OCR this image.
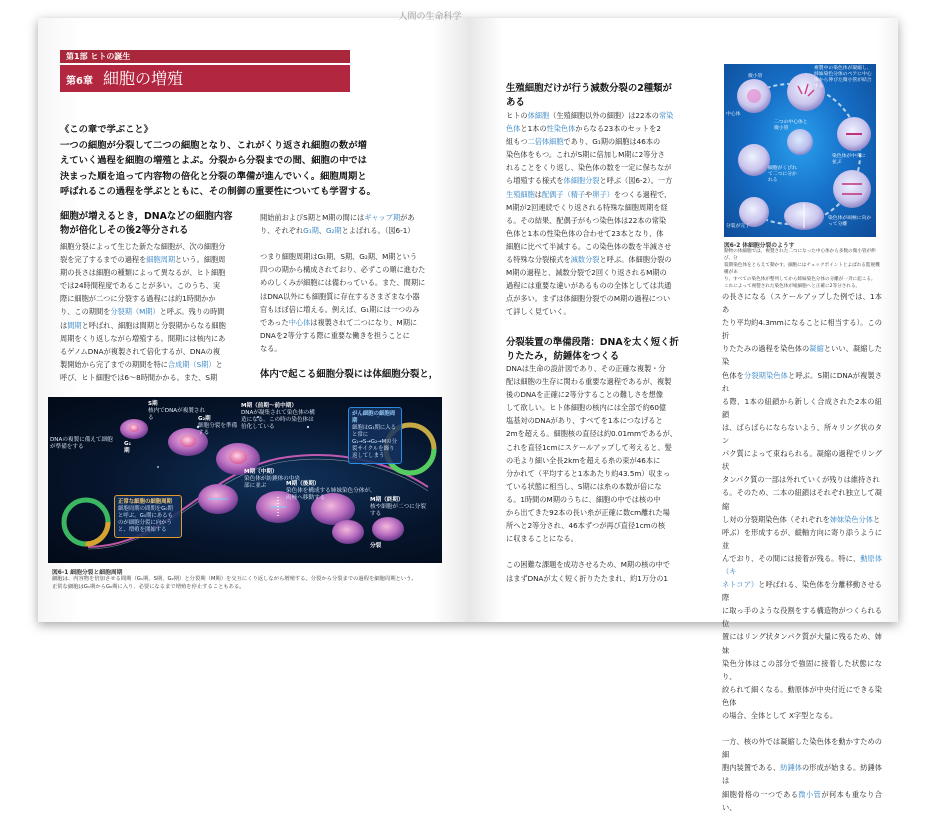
人間の生命科学
第1部 ヒトの誕生
第6章 細胞の増殖
《この章で学ぶこと》
一つの細胞が分裂して二つの細胞となり、これがくり返され細胞の数が増
えていく過程を細胞の増殖とよぶ。分裂から分裂までの間、細胞の中では
決まった順を追って内容物の倍化と分裂の準備が進んでいく。細胞周期と
呼ばれるこの過程を学ぶとともに、その制御の重要性についても学習する。
細胞が増えるとき，DNAなどの細胞内容
物が倍化しその後2等分される
細胞分裂によって生じた新たな細胞が、次の細胞分
裂を完了するまでの過程を細胞周期という。細胞周
期の長さは細胞の種類によって異なるが、ヒト細胞
では24時間程度であることが多い。このうち、実
際に細胞が二つに分裂する過程には約1時間かか
り、この期間を分裂期（M期）と呼ぶ。残りの時間
は間期と呼ばれ、細胞は間期と分裂期からなる細胞
周期をくり返しながら増殖する。間期には核内にあ
るゲノムDNAが複製されて倍化するが、DNAの複
製開始から完了までの期間を特に合成期（S期）と
呼び、ヒト細胞では6〜8時間かかる。また、S期
開始前およびS期とM期の間にはギャップ期があ
り、それぞれG₁期、G₂期とよばれる。（図6-1）

つまり細胞周期はG₁期、S期、G₂期、M期という
四つの期から構成されており、必ずこの順に進むた
めのしくみが細胞には備わっている。また、間期に
はDNA以外にも細胞質に存在するさまざまな小器
官もほぼ倍に増える。例えば、G₁期には一つのみ
であった中心体は複製されて二つになり、M期に
DNAを2等分する際に重要な働きを担うことに
なる。
体内で起こる細胞分裂には体細胞分裂と，
S期
核内でDNAが複製される	G₂期
細胞分裂を準備する
M期（前期〜前中期）
DNAが凝集されて染色体の構造になる。この時の染色体は倍化している
G₁期
DNAの複製に備えて細胞が準備をする
M期（中期）
染色体が紡錘体の中央部に並ぶ	M期（後期）
染色体を構成する姉妹染色分体が、両極へ移動する	M期（終期）
核や細胞が二つに分裂する
分裂
がん細胞の細胞周期
細胞はG₁期に入ると常にG₁→S→G₂→Mの分裂サイクルを繰り返してしまう
正常な細胞の細胞周期
細胞周期の間期をG₀期と呼ぶ。G₀期にあるものが細胞分裂に向かうと、増殖を開始する
図6-1 細胞分裂と細胞周期
細胞は、内容物を倍加させる間期（G₁期、S期、G₂期）と分裂期（M期）を交互にくり返しながら増殖する。分裂から分裂までの過程を細胞周期という。
正常な細胞はG₁期からG₀期に入り、必要になるまで増殖を停止することもある。
生殖細胞だけが行う減数分裂の2種類が
ある
ヒトの体細胞（生殖細胞以外の細胞）は22本の常染
色体と1本の性染色体からなる23本のセットを2
組もつ二倍体細胞であり、G₁期の細胞は46本の
染色体をもつ。これがS期に倍加しM期に2等分さ
れることをくり返し、染色体の数を一定に保ちなが
ら増殖する様式を体細胞分裂と呼ぶ（図6-2）。一方
生殖細胞は配偶子（精子や卵子）をつくる過程で、
M期が2回連続でくり返される特殊な細胞周期を経
る。その結果、配偶子がもつ染色体は22本の常染
色体と1本の性染色体の合わせて23本となり、体
細胞に比べて半減する。この染色体の数を半減させ
る特殊な分裂様式を減数分裂と呼ぶ。体細胞分裂の
M期の過程と、減数分裂で2回くり返されるM期の
過程には重要な違いがあるものの全体としては共通
点が多い。まずは体細胞分裂でのM期の過程につい
て詳しく見ていく。
分裂装置の準備段階：DNAを太く短く折
りたたみ，紡錘体をつくる
DNAは生命の設計図であり、その正確な複製・分
配は細胞の生存に関わる重要な過程であるが、複製
後のDNAを正確に2等分することの難しさを想像
して欲しい。ヒト体細胞の核内には全部で約60億
塩基対のDNAがあり、すべてを1本につなげると
2mを超える。細胞核の直径は約0.01mmであるが、
これを直径1cmにスケールアップして考えると、髪
の毛より細い全長2kmを超える糸の束が46本に
分かれて（平均すると1本あたり約43.5m）収まっ
ている状態に相当し、S期には糸の本数が倍にな
る。1時間のM期のうちに、細胞の中では核の中
から出てきた92本の長い糸が正確に数cm離れた場
所へと2等分され、46本ずつが再び直径1cmの核
に収まることになる。

この困難な課題を成功させるため、M期の核の中で
はまずDNAが太く短く折りたたまれ、約1万分の1
中心体
微小管
複製中の染色体が凝縮し、姉妹染色分体のペアに中心体から伸びた微小管が結合する
二つの中心体と微小管
染色体が中央に並ぶ
細胞がくびれて二つに分かれる
分裂が完了
染色体が両極に向かって分離
図6-2 体細胞分裂のようす
動物の体細胞では、複製された二つになった中心体から多数の微小管が伸び、分
裂期染色体をとらえて動かす。細胞にはチェックポイントとよばれる監視機構があ
り、すべての染色体が整列してから姉妹染色分体の分離が一斉に起こる。
これによって複製された染色体が娘細胞へと正確に2等分される。
の長さになる（スケールアップした例では、1本あ
たり平均約4.3mmになることに相当する）。この折
りたたみの過程を染色体の凝縮といい、凝縮した染
色体を分裂期染色体と呼ぶ。S期にDNAが複製され
る際、1本の紐鎖から新しく合成された2本の紐鎖
は、ばらばらにならないよう、所々リング状のタン
パク質によって束ねられる。凝縮の過程でリング状
タンパク質の一部は外れていくが残りは維持され
る。そのため、二本の紐鎖はそれぞれ独立して凝縮
し対の分裂期染色体（それぞれを姉妹染色分体と
呼ぶ）を形成するが、縦軸方向に寄り添うように並
んでおり、その間には接着が残る。特に、動原体（キ
ネトコア）と呼ばれる、染色体を分離移動させる際
に取っ手のような役割をする構造物がつくられる位
置にはリング状タンパク質が大量に残るため、姉妹
染色分体はこの部分で強固に接着した状態になり、
絞られて細くなる。動原体が中央付近にできる染色体
の場合、全体として X字型となる。

一方、核の外では凝縮した染色体を動かすための細
胞内装置である、紡錘体の形成が始まる。紡錘体は
細胞骨格の一つである微小管が何本も重なり合い、
